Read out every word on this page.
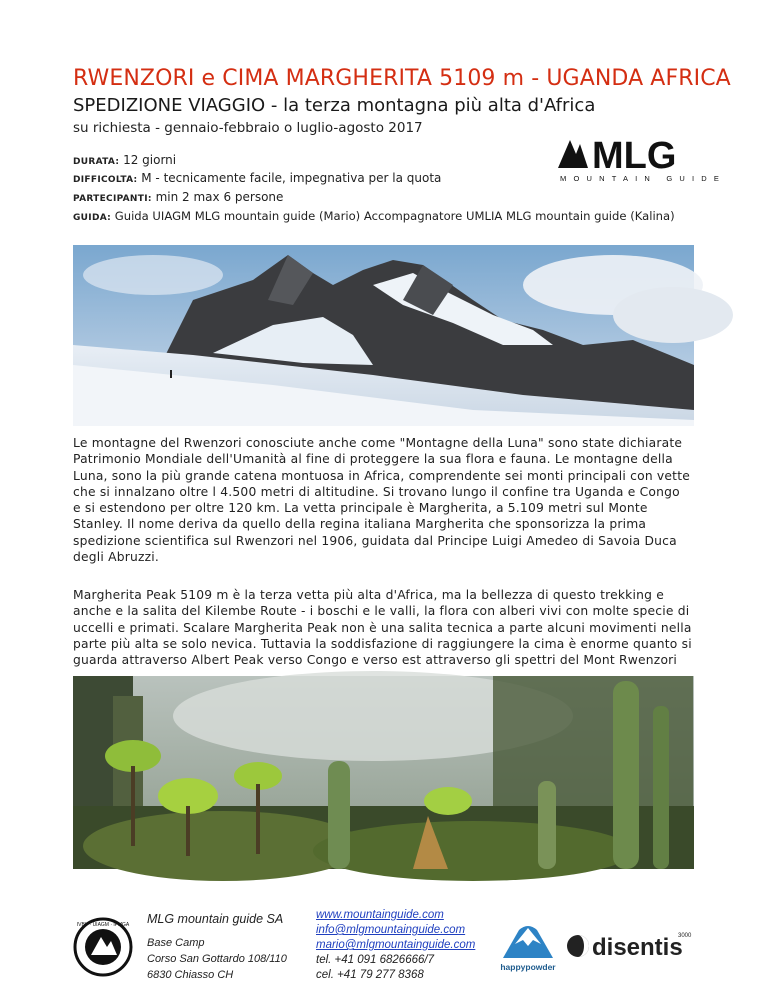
RWENZORI e CIMA MARGHERITA 5109 m - UGANDA AFRICA
SPEDIZIONE VIAGGIO - la terza montagna più alta d'Africa
su richiesta - gennaio-febbraio o luglio-agosto 2017
DURATA: 12 giorni
DIFFICOLTA: M - tecnicamente facile, impegnativa per la quota
PARTECIPANTI: min 2 max 6 persone
GUIDA: Guida UIAGM MLG mountain guide (Mario) Accompagnatore UMLIA MLG mountain guide (Kalina)
MLG
MOUNTAIN GUIDE

Le montagne del Rwenzori conosciute anche come "Montagne della Luna" sono state dichiarate

Patrimonio Mondiale dell'Umanità al fine di proteggere la sua flora e fauna. Le montagne della

Luna, sono la più grande catena montuosa in Africa, comprendente sei monti principali con vette

che si innalzano oltre l 4.500 metri di altitudine. Si trovano lungo il confine tra Uganda e Congo

e si estendono per oltre 120 km. La vetta principale è Margherita, a 5.109 metri sul Monte

Stanley. Il nome deriva da quello della regina italiana Margherita che sponsorizza la prima

spedizione scientifica sul Rwenzori nel 1906, guidata dal Principe Luigi Amedeo di Savoia Duca

degli Abruzzi.

Margherita Peak 5109 m è la terza vetta più alta d'Africa, ma la bellezza di questo trekking e

anche e la salita del Kilembe Route - i boschi e le valli, la flora con alberi vivi con molte specie di

uccelli e primati. Scalare Margherita Peak non è una salita tecnica a parte alcuni movimenti nella

parte più alta se solo nevica. Tuttavia la soddisfazione di raggiungere la cima è enorme quanto si

guarda attraverso Albert Peak verso Congo e verso est attraverso gli spettri del Mont Rwenzori

IVBV · UIAGM · IFMGA MLG mountain guide SA
Base Camp
Corso San Gottardo 108/110
6830 Chiasso CH
www.mountainguide.com
info@mlgmountainguide.com
mario@mlgmountainguide.com
tel. +41 091 6826666/7
cel. +41 79 277 8368
happypowder
disentis
3000
